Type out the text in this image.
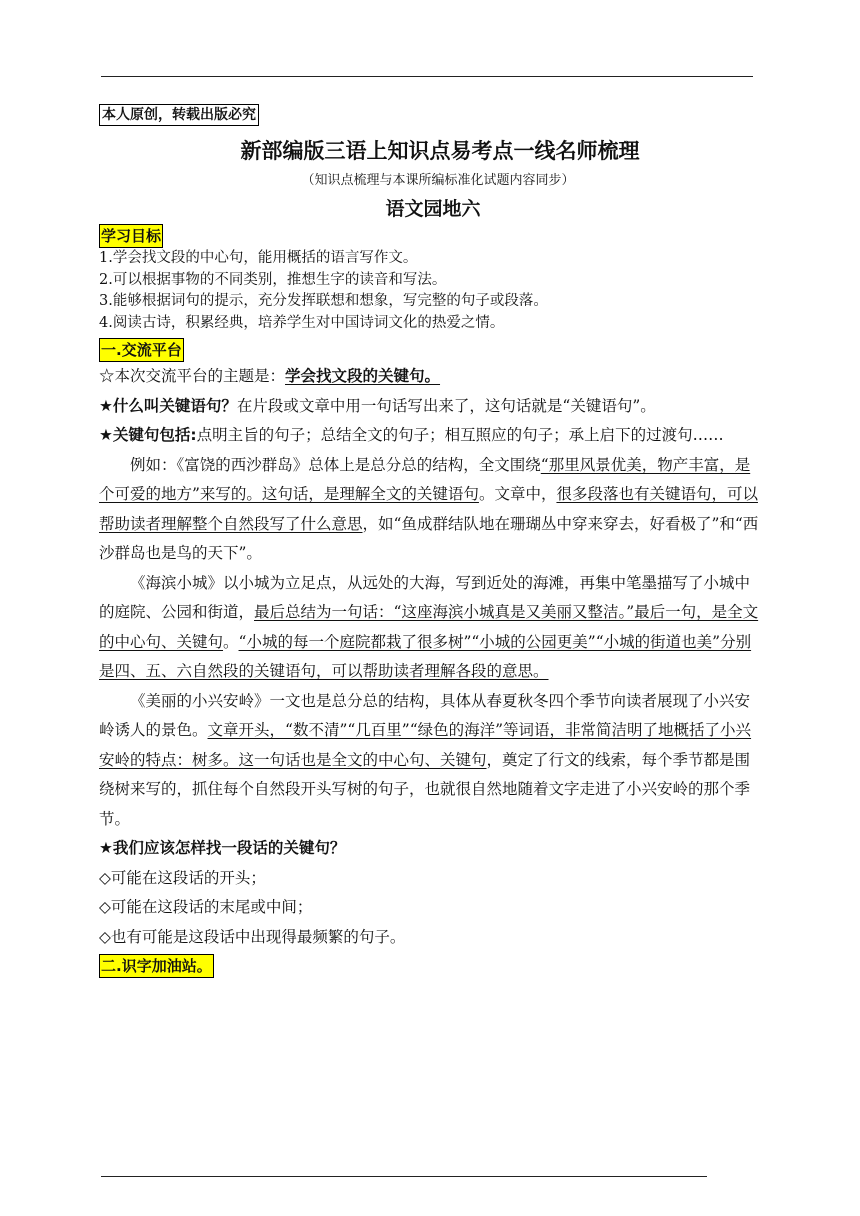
本人原创，转载出版必究
新部编版三语上知识点易考点一线名师梳理
（知识点梳理与本课所编标准化试题内容同步）
语文园地六
学习目标

1.学会找文段的中心句，能用概括的语言写作文。

2.可以根据事物的不同类别，推想生字的读音和写法。

3.能够根据词句的提示，充分发挥联想和想象，写完整的句子或段落。

4.阅读古诗，积累经典，培养学生对中国诗词文化的热爱之情。

一.交流平台

☆本次交流平台的主题是：学会找文段的关键句。

★什么叫关键语句？在片段或文章中用一句话写出来了，这句话就是“关键语句”。

★关键句包括:点明主旨的句子；总结全文的句子；相互照应的句子；承上启下的过渡句……

例如：《富饶的西沙群岛》总体上是总分总的结构，全文围绕“那里风景优美，物产丰富，是个可爱的地方”来写的。这句话，是理解全文的关键语句。文章中，很多段落也有关键语句，可以帮助读者理解整个自然段写了什么意思，如“鱼成群结队地在珊瑚丛中穿来穿去，好看极了”和“西沙群岛也是鸟的天下”。

《海滨小城》以小城为立足点，从远处的大海，写到近处的海滩，再集中笔墨描写了小城中的庭院、公园和街道，最后总结为一句话：“这座海滨小城真是又美丽又整洁。”最后一句，是全文的中心句、关键句。“小城的每一个庭院都栽了很多树”“小城的公园更美”“小城的街道也美”分别是四、五、六自然段的关键语句，可以帮助读者理解各段的意思。

《美丽的小兴安岭》一文也是总分总的结构，具体从春夏秋冬四个季节向读者展现了小兴安岭诱人的景色。文章开头，“数不清”“几百里”“绿色的海洋”等词语，非常简洁明了地概括了小兴安岭的特点：树多。这一句话也是全文的中心句、关键句，奠定了行文的线索，每个季节都是围绕树来写的，抓住每个自然段开头写树的句子，也就很自然地随着文字走进了小兴安岭的那个季节。

★我们应该怎样找一段话的关键句？

◇可能在这段话的开头；

◇可能在这段话的末尾或中间；

◇也有可能是这段话中出现得最频繁的句子。

二.识字加油站。
